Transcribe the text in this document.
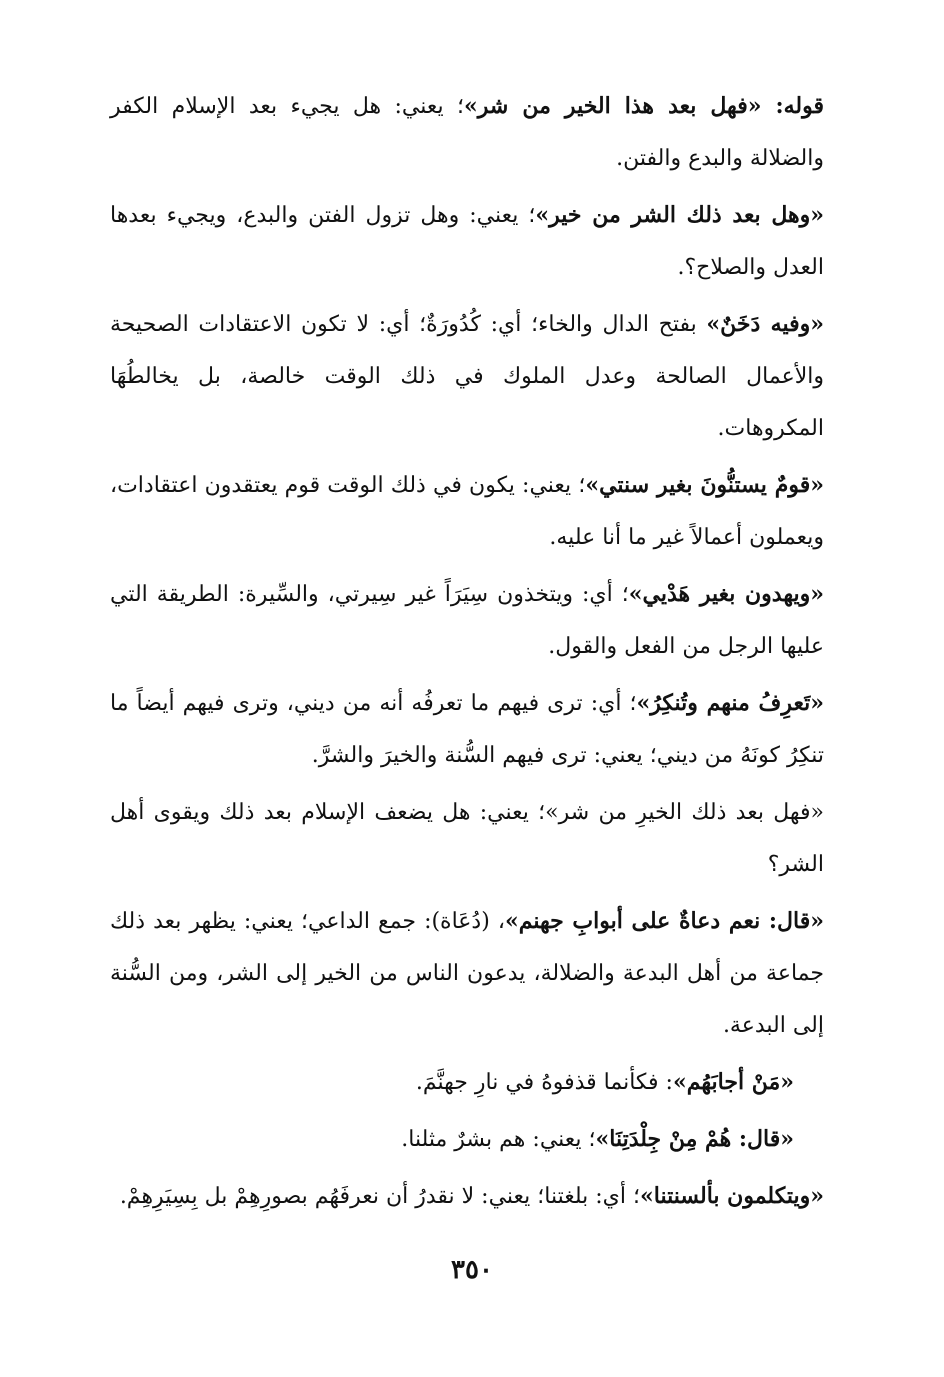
قوله: «فهل بعد هذا الخير من شر»؛ يعني: هل يجيء بعد الإسلام الكفر والضلالة والبدع والفتن.

«وهل بعد ذلك الشر من خير»؛ يعني: وهل تزول الفتن والبدع، ويجيء بعدها العدل والصلاح؟.

«وفيه دَخَنٌ» بفتح الدال والخاء؛ أي: كُدُورَةٌ؛ أي: لا تكون الاعتقادات الصحيحة والأعمال الصالحة وعدل الملوك في ذلك الوقت خالصة، بل يخالطُهَا المكروهات.

«قومٌ يستنُّونَ بغير سنتي»؛ يعني: يكون في ذلك الوقت قوم يعتقدون اعتقادات، ويعملون أعمالاً غير ما أنا عليه.

«ويهدون بغير هَدْيي»؛ أي: ويتخذون سِيَرَاً غير سِيرتي، والسِّيرة: الطريقة التي عليها الرجل من الفعل والقول.

«تَعرِفُ منهم وتُنكِرُ»؛ أي: ترى فيهم ما تعرفُه أنه من ديني، وترى فيهم أيضاً ما تنكِرُ كونَهُ من ديني؛ يعني: ترى فيهم السُّنة والخيرَ والشرَّ.

«فهل بعد ذلك الخيرِ من شر»؛ يعني: هل يضعف الإسلام بعد ذلك ويقوى أهل الشر؟

«قال: نعم دعاةٌ على أبوابِ جهنم»، (دُعَاة): جمع الداعي؛ يعني: يظهر بعد ذلك جماعة من أهل البدعة والضلالة، يدعون الناس من الخير إلى الشر، ومن السُّنة إلى البدعة.

«مَنْ أجابَهُم»: فكأنما قذفوهُ في نارِ جهنَّمَ.

«قال: هُمْ مِنْ جِلْدَتِنَا»؛ يعني: هم بشرٌ مثلنا.

«ويتكلمون بألسنتنا»؛ أي: بلغتنا؛ يعني: لا نقدرُ أن نعرفَهُم بصورِهِمْ بل بِسِيَرِهِمْ.

٣٥٠
